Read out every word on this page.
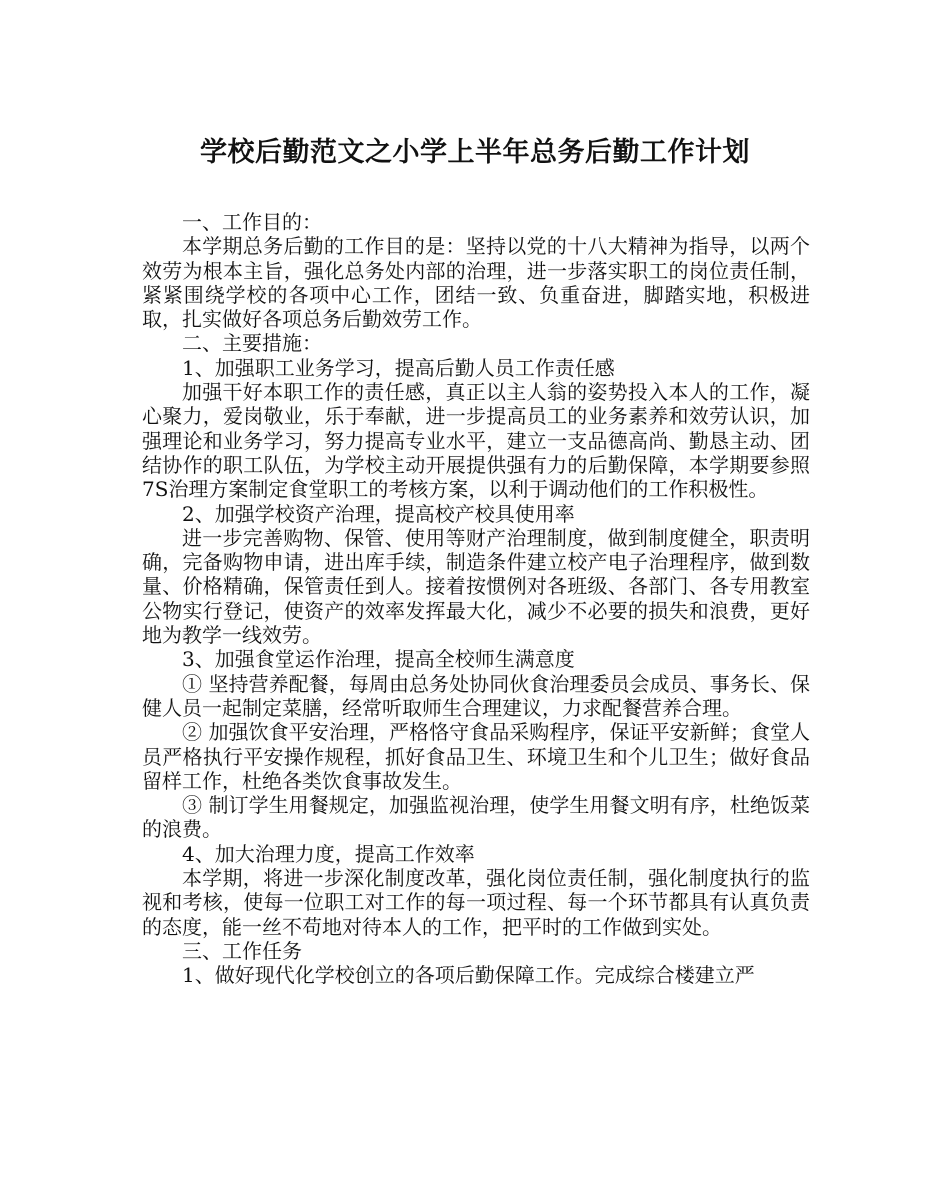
学校后勤范文之小学上半年总务后勤工作计划

一、工作目的：

本学期总务后勤的工作目的是：坚持以党的十八大精神为指导，以两个效劳为根本主旨，强化总务处内部的治理，进一步落实职工的岗位责任制，紧紧围绕学校的各项中心工作，团结一致、负重奋进，脚踏实地，积极进取，扎实做好各项总务后勤效劳工作。

二、主要措施：

1、加强职工业务学习，提高后勤人员工作责任感

加强干好本职工作的责任感，真正以主人翁的姿势投入本人的工作，凝心聚力，爱岗敬业，乐于奉献，进一步提高员工的业务素养和效劳认识，加强理论和业务学习，努力提高专业水平，建立一支品德高尚、勤恳主动、团结协作的职工队伍，为学校主动开展提供强有力的后勤保障，本学期要参照7S治理方案制定食堂职工的考核方案，以利于调动他们的工作积极性。

2、加强学校资产治理，提高校产校具使用率

进一步完善购物、保管、使用等财产治理制度，做到制度健全，职责明确，完备购物申请，进出库手续，制造条件建立校产电子治理程序，做到数量、价格精确，保管责任到人。接着按惯例对各班级、各部门、各专用教室公物实行登记，使资产的效率发挥最大化，减少不必要的损失和浪费，更好地为教学一线效劳。

3、加强食堂运作治理，提高全校师生满意度

① 坚持营养配餐，每周由总务处协同伙食治理委员会成员、事务长、保健人员一起制定菜膳，经常听取师生合理建议，力求配餐营养合理。

② 加强饮食平安治理，严格恪守食品采购程序，保证平安新鲜；食堂人员严格执行平安操作规程，抓好食品卫生、环境卫生和个儿卫生；做好食品留样工作，杜绝各类饮食事故发生。

③ 制订学生用餐规定，加强监视治理，使学生用餐文明有序，杜绝饭菜的浪费。

4、加大治理力度，提高工作效率

本学期，将进一步深化制度改革，强化岗位责任制，强化制度执行的监视和考核，使每一位职工对工作的每一项过程、每一个环节都具有认真负责的态度，能一丝不苟地对待本人的工作，把平时的工作做到实处。

三、工作任务

1、做好现代化学校创立的各项后勤保障工作。完成综合楼建立严
